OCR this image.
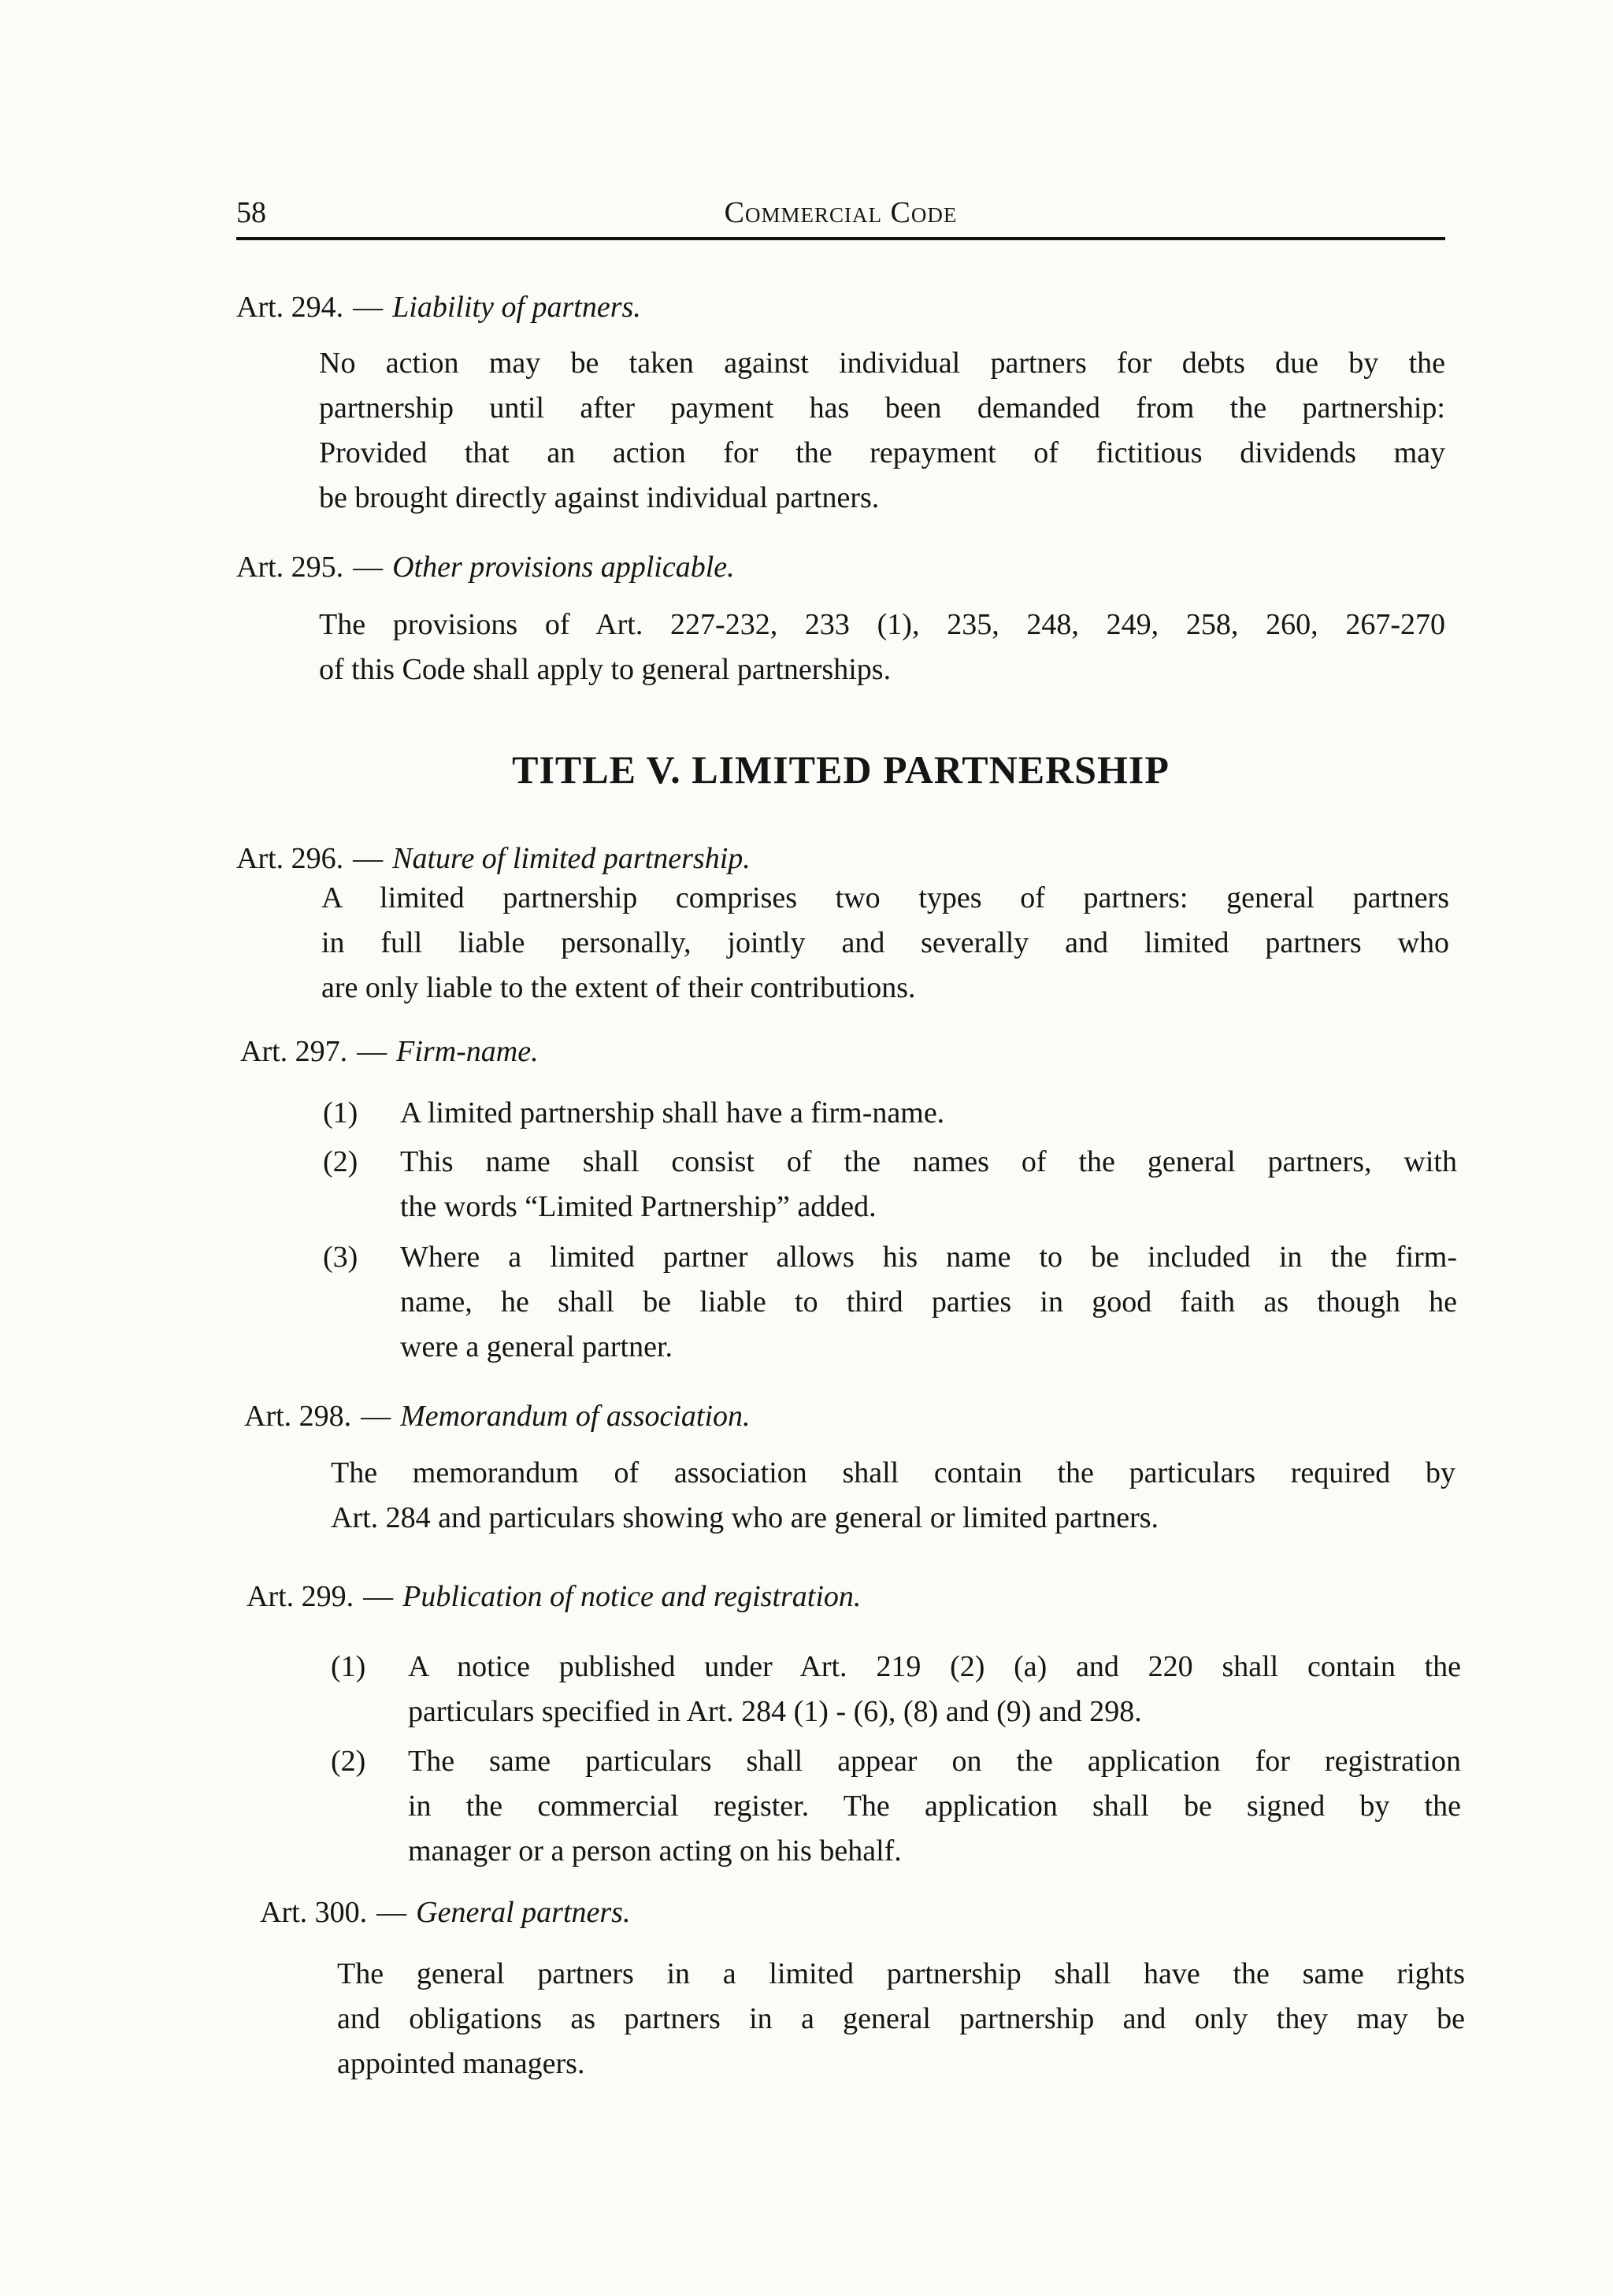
58	Commercial Code
Art. 294. — Liability of partners.
No action may be taken against individual partners for debts due by the
partnership until after payment has been demanded from the partnership:
Provided that an action for the repayment of fictitious dividends may
be brought directly against individual partners.
Art. 295. — Other provisions applicable.
The provisions of Art. 227-232, 233 (1), 235, 248, 249, 258, 260, 267-270
of this Code shall apply to general partnerships.
TITLE V. LIMITED PARTNERSHIP
Art. 296. — Nature of limited partnership.
A limited partnership comprises two types of partners: general partners
in full liable personally, jointly and severally and limited partners who
are only liable to the extent of their contributions.
Art. 297. — Firm-name.
(1) A limited partnership shall have a firm-name.
(2) This name shall consist of the names of the general partners, with
the words “Limited Partnership” added.
(3) Where a limited partner allows his name to be included in the firm-
name, he shall be liable to third parties in good faith as though he
were a general partner.
Art. 298. — Memorandum of association.
The memorandum of association shall contain the particulars required by
Art. 284 and particulars showing who are general or limited partners.
Art. 299. — Publication of notice and registration.
(1) A notice published under Art. 219 (2) (a) and 220 shall contain the
particulars specified in Art. 284 (1) - (6), (8) and (9) and 298.
(2) The same particulars shall appear on the application for registration
in the commercial register. The application shall be signed by the
manager or a person acting on his behalf.
Art. 300. — General partners.
The general partners in a limited partnership shall have the same rights
and obligations as partners in a general partnership and only they may be
appointed managers.
